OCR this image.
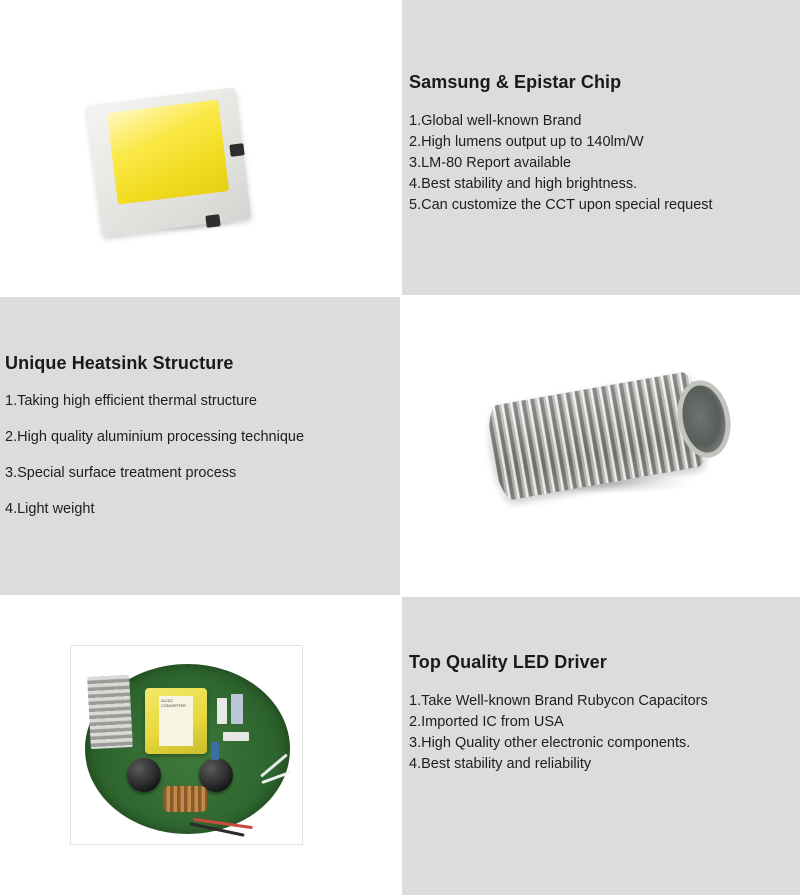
Samsung & Epistar Chip
1.Global well-known Brand
2.High lumens output up to 140lm/W
3.LM-80 Report available
4.Best stability and high brightness.
5.Can customize the CCT upon special request
Unique Heatsink Structure
1.Taking high efficient thermal structure
2.High quality aluminium processing technique
3.Special surface treatment process
4.Light weight
AC/DC CONVERTER
Top Quality LED Driver
1.Take Well-known Brand Rubycon Capacitors
2.Imported IC from USA
3.High Quality other electronic components.
4.Best stability and reliability
